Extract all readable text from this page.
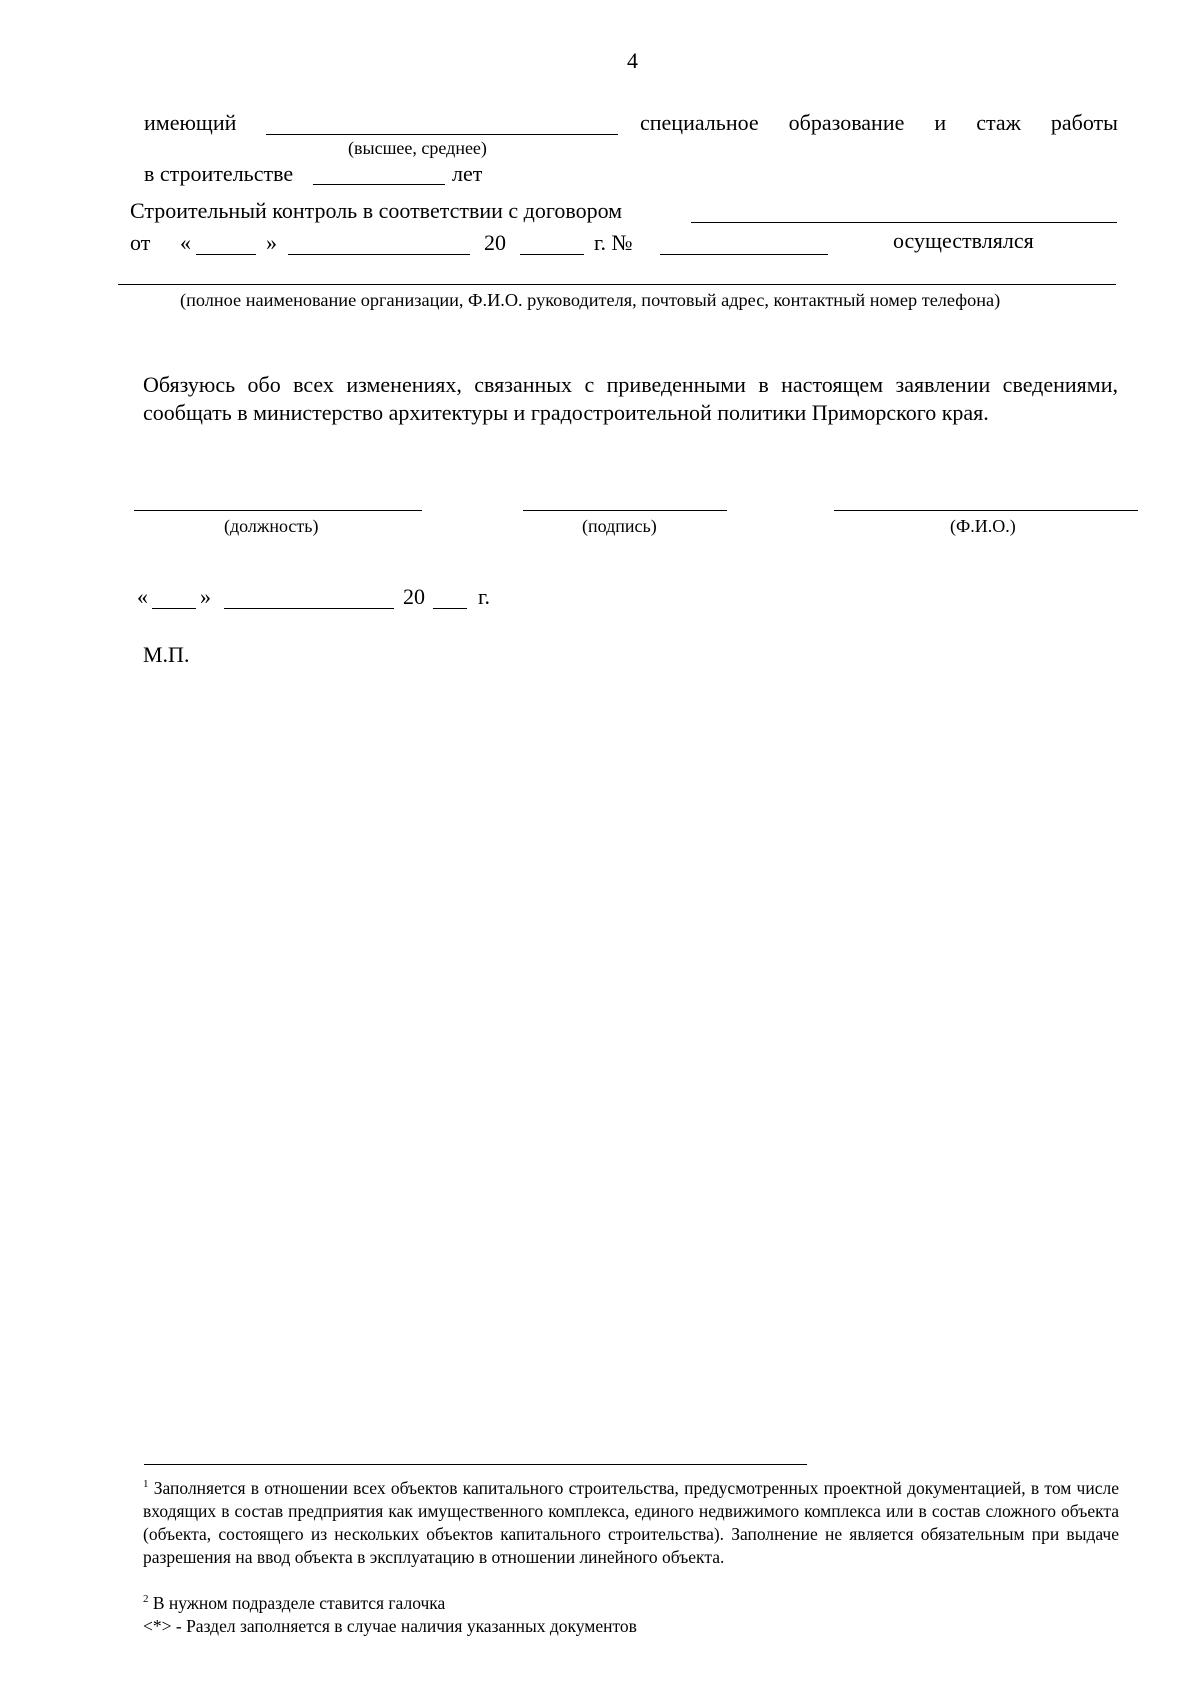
4
имеющий	специальное образование и стаж работы
(высшее, среднее)
в строительстве	лет
Строительный контроль в соответствии с договором
от «	»	20	г. №	осуществлялся
(полное наименование организации, Ф.И.О. руководителя, почтовый адрес, контактный номер телефона)
Обязуюсь обо всех изменениях, связанных с приведенными в настоящем заявлении сведениями, сообщать в министерство архитектуры и градостроительной политики Приморского края.
(должность)	(подпись)	(Ф.И.О.)
« »	20 г.
М.П.
$^1$ Заполняется в отношении всех объектов капитального строительства, предусмотренных проектной документацией, в том числе входящих в состав предприятия как имущественного комплекса, единого недвижимого комплекса или в состав сложного объекта (объекта, состоящего из нескольких объектов капитального строительства). Заполнение не является обязательным при выдаче разрешения на ввод объекта в эксплуатацию в отношении линейного объекта.
$^2$ В нужном подразделе ставится галочка
<*> - Раздел заполняется в случае наличия указанных документов
